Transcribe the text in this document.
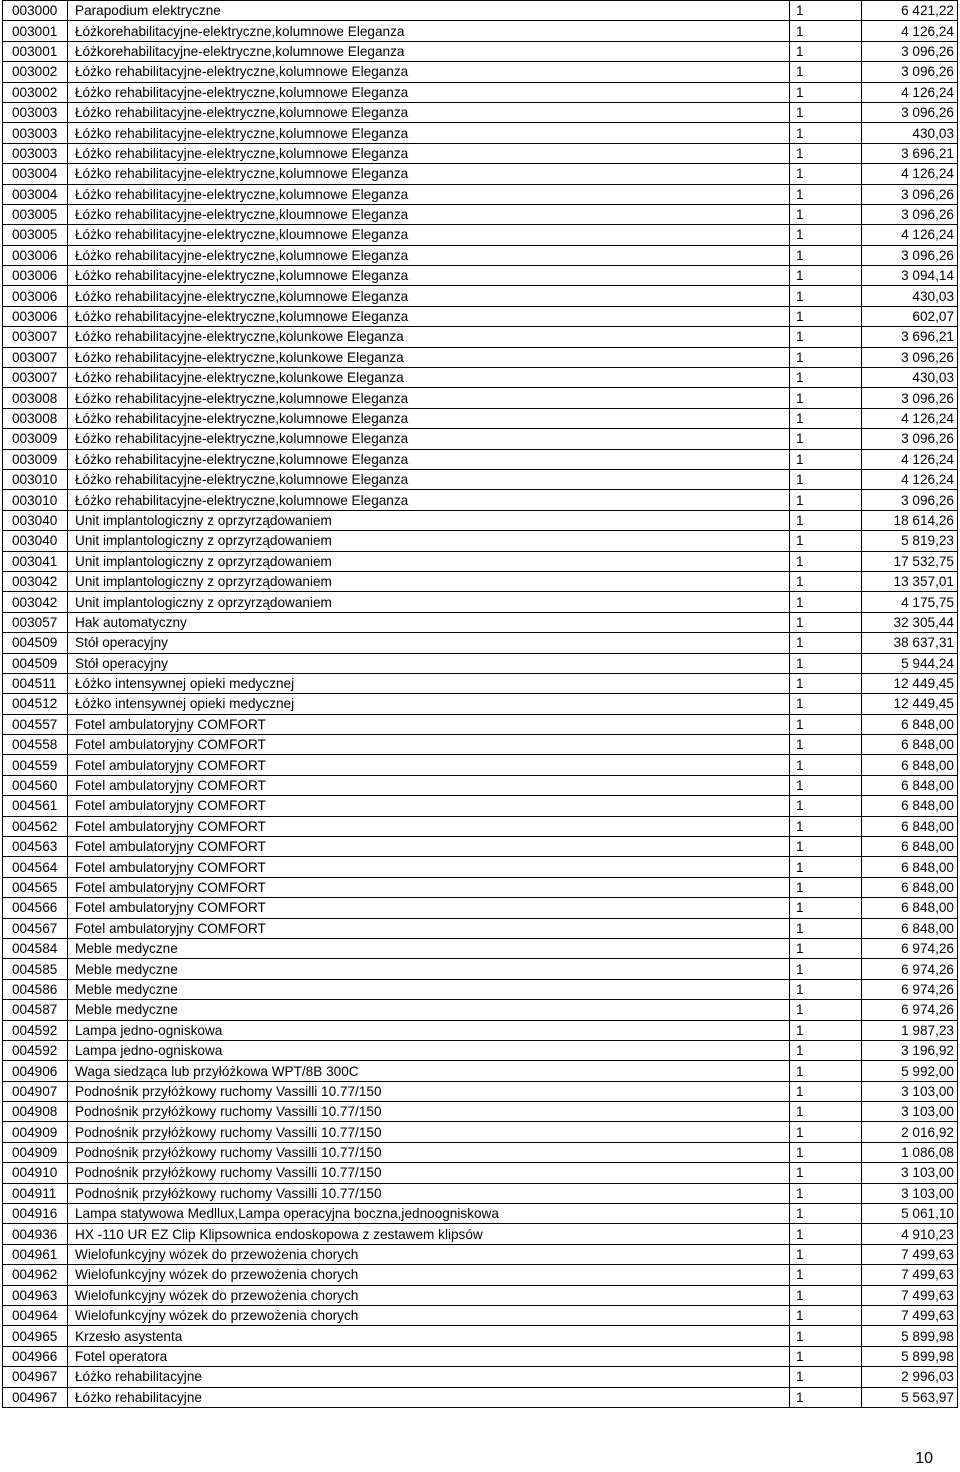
003000	Parapodium elektryczne	1	6 421,22
003001	Łóżkorehabilitacyjne-elektryczne,kolumnowe Eleganza	1	4 126,24
003001	Łóżkorehabilitacyjne-elektryczne,kolumnowe Eleganza	1	3 096,26
003002	Łóżko rehabilitacyjne-elektryczne,kolumnowe Eleganza	1	3 096,26
003002	Łóżko rehabilitacyjne-elektryczne,kolumnowe Eleganza	1	4 126,24
003003	Łóżko rehabilitacyjne-elektryczne,kolumnowe Eleganza	1	3 096,26
003003	Łóżko rehabilitacyjne-elektryczne,kolumnowe Eleganza	1	430,03
003003	Łóżko rehabilitacyjne-elektryczne,kolumnowe Eleganza	1	3 696,21
003004	Łóżko rehabilitacyjne-elektryczne,kolumnowe Eleganza	1	4 126,24
003004	Łóżko rehabilitacyjne-elektryczne,kolumnowe Eleganza	1	3 096,26
003005	Łóżko rehabilitacyjne-elektryczne,kloumnowe Eleganza	1	3 096,26
003005	Łóżko rehabilitacyjne-elektryczne,kloumnowe Eleganza	1	4 126,24
003006	Łóżko rehabilitacyjne-elektryczne,kolumnowe Eleganza	1	3 096,26
003006	Łóżko rehabilitacyjne-elektryczne,kolumnowe Eleganza	1	3 094,14
003006	Łóżko rehabilitacyjne-elektryczne,kolumnowe Eleganza	1	430,03
003006	Łóżko rehabilitacyjne-elektryczne,kolumnowe Eleganza	1	602,07
003007	Łóżko rehabilitacyjne-elektryczne,kolunkowe Eleganza	1	3 696,21
003007	Łóżko rehabilitacyjne-elektryczne,kolunkowe Eleganza	1	3 096,26
003007	Łóżko rehabilitacyjne-elektryczne,kolunkowe Eleganza	1	430,03
003008	Łóżko rehabilitacyjne-elektryczne,kolumnowe Eleganza	1	3 096,26
003008	Łóżko rehabilitacyjne-elektryczne,kolumnowe Eleganza	1	4 126,24
003009	Łóżko rehabilitacyjne-elektryczne,kolumnowe Eleganza	1	3 096,26
003009	Łóżko rehabilitacyjne-elektryczne,kolumnowe Eleganza	1	4 126,24
003010	Łóżko rehabilitacyjne-elektryczne,kolumnowe Eleganza	1	4 126,24
003010	Łóżko rehabilitacyjne-elektryczne,kolumnowe Eleganza	1	3 096,26
003040	Unit implantologiczny z oprzyrządowaniem	1	18 614,26
003040	Unit implantologiczny z oprzyrządowaniem	1	5 819,23
003041	Unit implantologiczny z oprzyrządowaniem	1	17 532,75
003042	Unit implantologiczny z oprzyrządowaniem	1	13 357,01
003042	Unit implantologiczny z oprzyrządowaniem	1	4 175,75
003057	Hak automatyczny	1	32 305,44
004509	Stół operacyjny	1	38 637,31
004509	Stół operacyjny	1	5 944,24
004511	Łóżko intensywnej opieki medycznej	1	12 449,45
004512	Łóżko intensywnej opieki medycznej	1	12 449,45
004557	Fotel ambulatoryjny COMFORT	1	6 848,00
004558	Fotel ambulatoryjny COMFORT	1	6 848,00
004559	Fotel ambulatoryjny COMFORT	1	6 848,00
004560	Fotel ambulatoryjny COMFORT	1	6 848,00
004561	Fotel ambulatoryjny COMFORT	1	6 848,00
004562	Fotel ambulatoryjny COMFORT	1	6 848,00
004563	Fotel ambulatoryjny COMFORT	1	6 848,00
004564	Fotel ambulatoryjny COMFORT	1	6 848,00
004565	Fotel ambulatoryjny COMFORT	1	6 848,00
004566	Fotel ambulatoryjny COMFORT	1	6 848,00
004567	Fotel ambulatoryjny COMFORT	1	6 848,00
004584	Meble medyczne	1	6 974,26
004585	Meble medyczne	1	6 974,26
004586	Meble medyczne	1	6 974,26
004587	Meble medyczne	1	6 974,26
004592	Lampa jedno-ogniskowa	1	1 987,23
004592	Lampa jedno-ogniskowa	1	3 196,92
004906	Waga siedząca lub przyłóżkowa WPT/8B 300C	1	5 992,00
004907	Podnośnik przyłóżkowy ruchomy Vassilli 10.77/150	1	3 103,00
004908	Podnośnik przyłóżkowy ruchomy Vassilli 10.77/150	1	3 103,00
004909	Podnośnik przyłóżkowy ruchomy Vassilli 10.77/150	1	2 016,92
004909	Podnośnik przyłóżkowy ruchomy Vassilli 10.77/150	1	1 086,08
004910	Podnośnik przyłóżkowy ruchomy Vassilli 10.77/150	1	3 103,00
004911	Podnośnik przyłóżkowy ruchomy Vassilli 10.77/150	1	3 103,00
004916	Lampa statywowa Medllux,Lampa operacyjna boczna,jednoogniskowa	1	5 061,10
004936	HX -110 UR EZ Clip Klipsownica endoskopowa z zestawem klipsów	1	4 910,23
004961	Wielofunkcyjny wózek do przewożenia chorych	1	7 499,63
004962	Wielofunkcyjny wózek do przewożenia chorych	1	7 499,63
004963	Wielofunkcyjny wózek do przewożenia chorych	1	7 499,63
004964	Wielofunkcyjny wózek do przewożenia chorych	1	7 499,63
004965	Krzesło asystenta	1	5 899,98
004966	Fotel operatora	1	5 899,98
004967	Łóżko rehabilitacyjne	1	2 996,03
004967	Łóżko rehabilitacyjne	1	5 563,97
10
